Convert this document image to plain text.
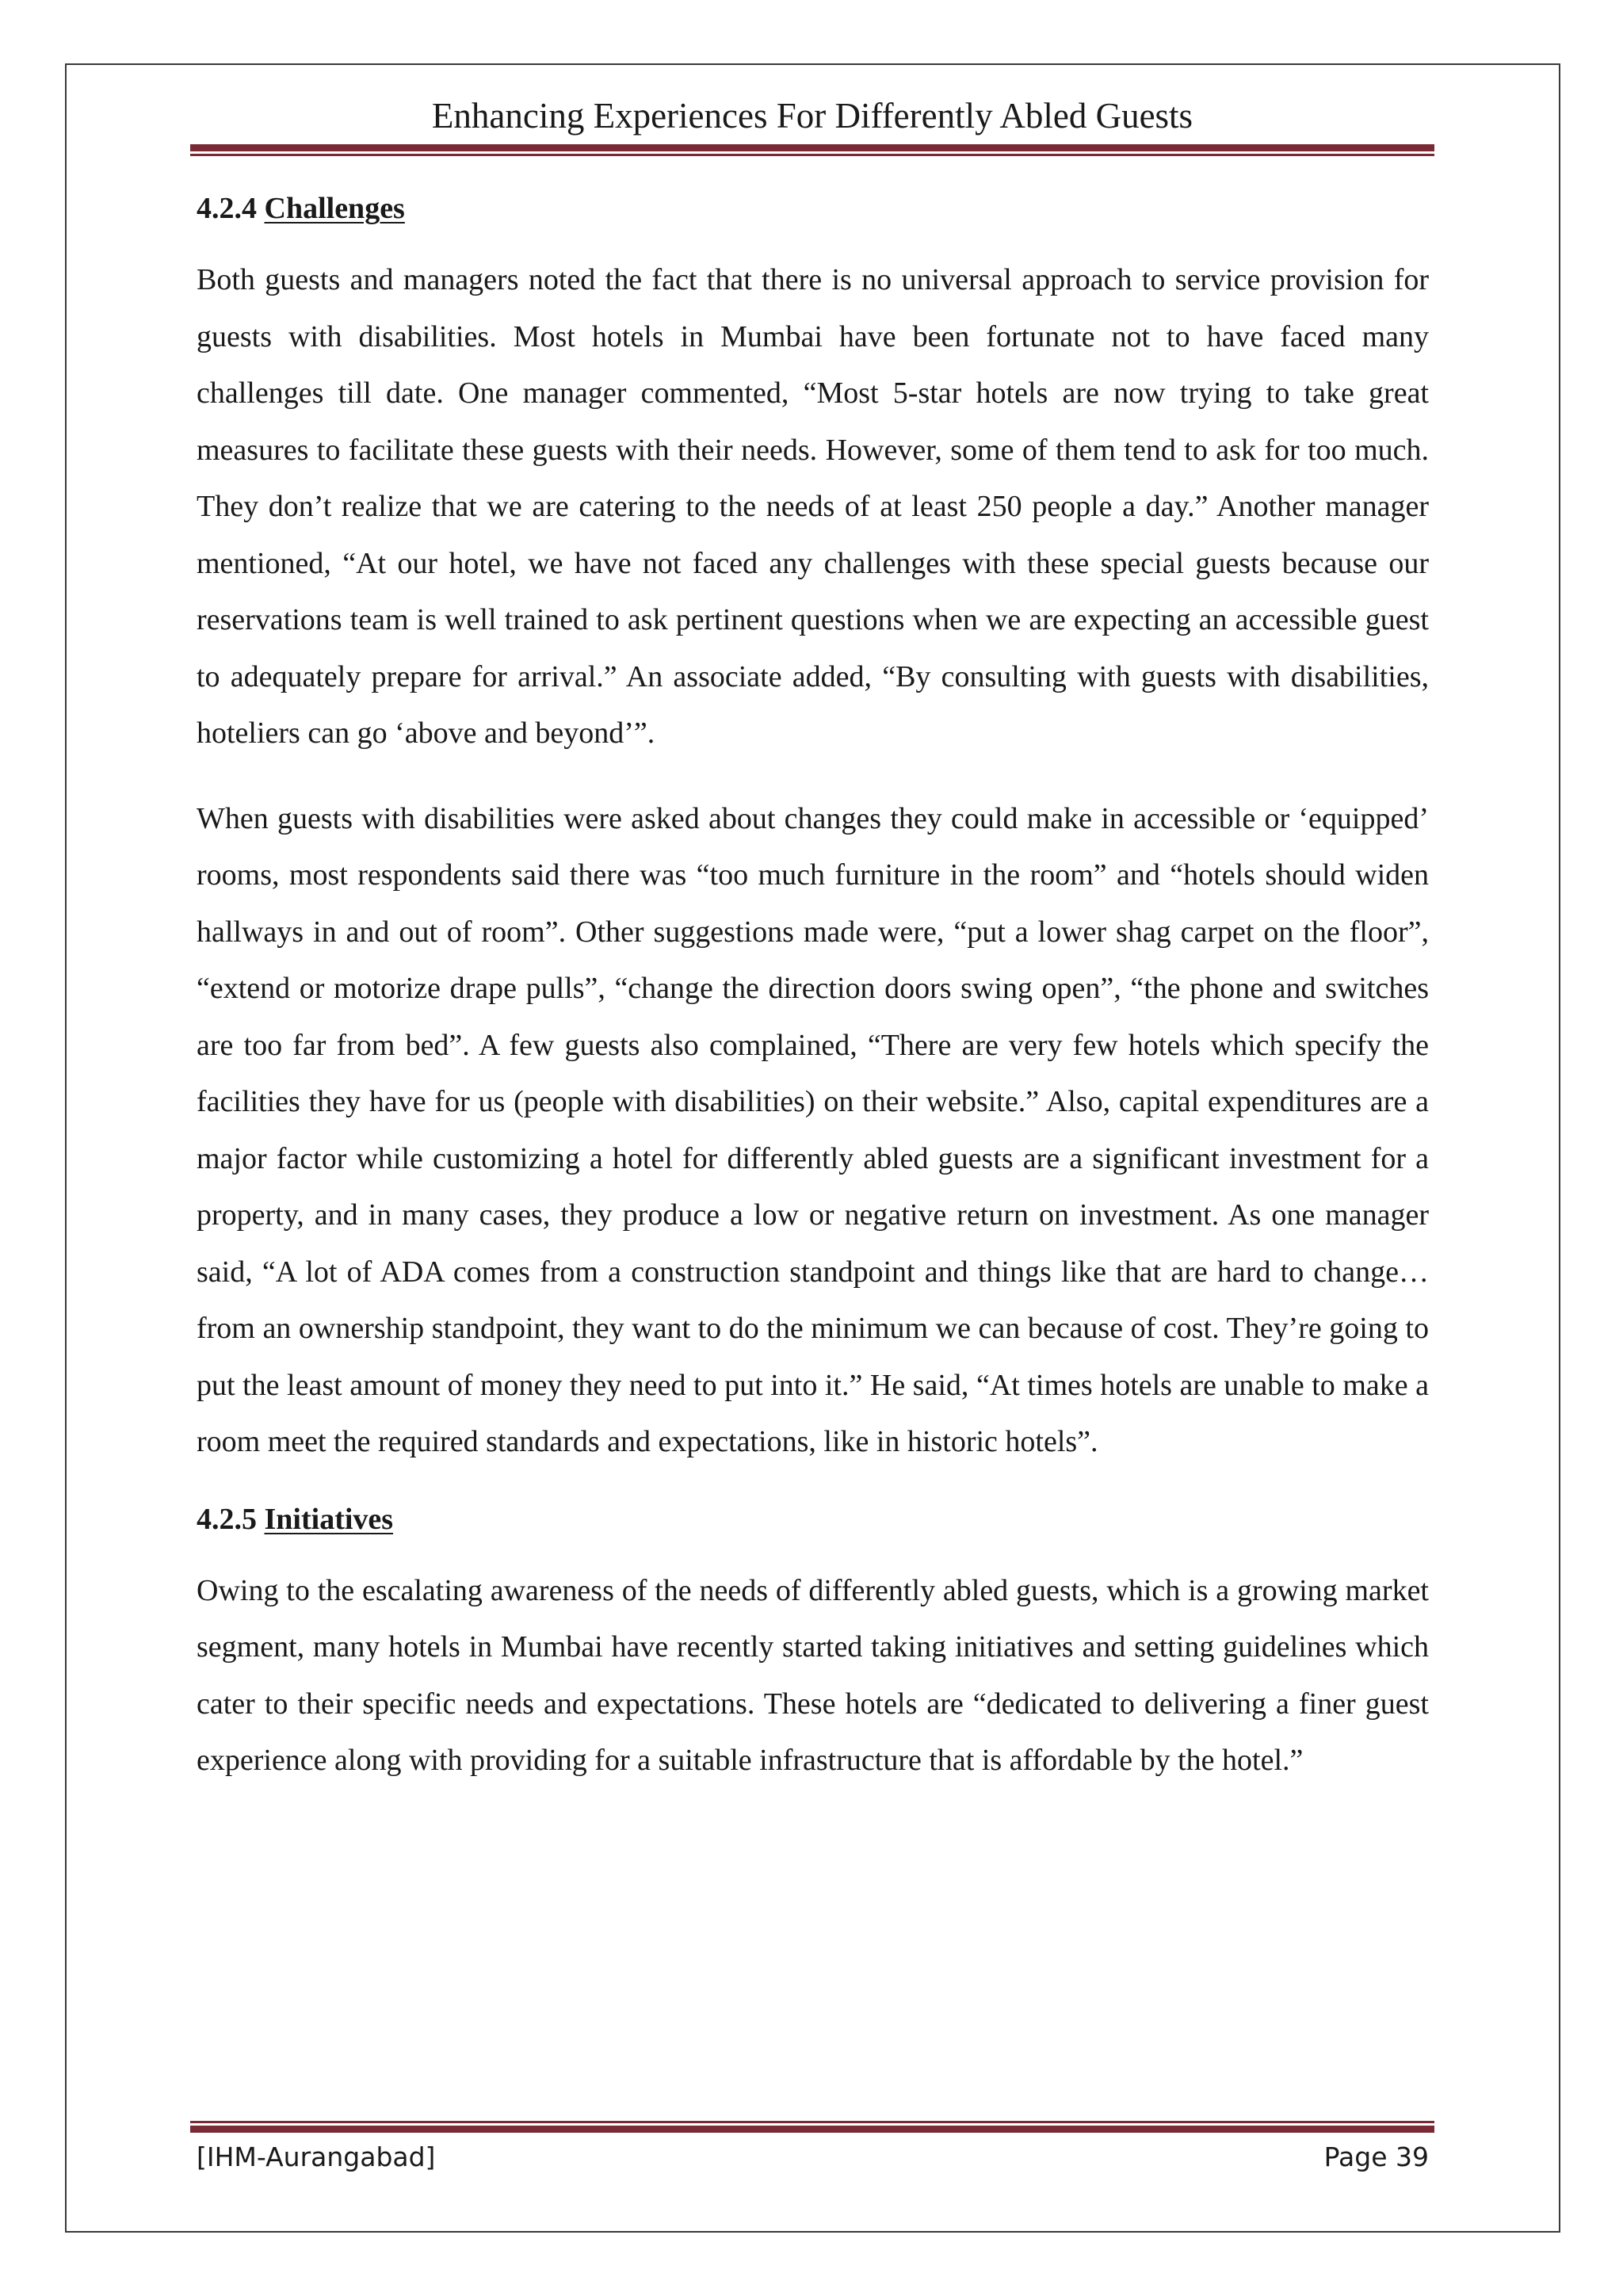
Enhancing Experiences For Differently Abled Guests
4.2.4 Challenges

Both guests and managers noted the fact that there is no universal approach to service provision for guests with disabilities. Most hotels in Mumbai have been fortunate not to have faced many challenges till date. One manager commented, “Most 5-star hotels are now trying to take great measures to facilitate these guests with their needs. However, some of them tend to ask for too much. They don’t realize that we are catering to the needs of at least 250 people a day.” Another manager mentioned, “At our hotel, we have not faced any challenges with these special guests because our reservations team is well trained to ask pertinent questions when we are expecting an accessible guest to adequately prepare for arrival.” An associate added, “By consulting with guests with disabilities, hoteliers can go ‘above and beyond’”.

When guests with disabilities were asked about changes they could make in accessible or ‘equipped’ rooms, most respondents said there was “too much furniture in the room” and “hotels should widen hallways in and out of room”. Other suggestions made were, “put a lower shag carpet on the floor”, “extend or motorize drape pulls”, “change the direction doors swing open”, “the phone and switches are too far from bed”. A few guests also complained, “There are very few hotels which specify the facilities they have for us (people with disabilities) on their website.” Also, capital expenditures are a major factor while customizing a hotel for differently abled guests are a significant investment for a property, and in many cases, they produce a low or negative return on investment. As one manager said, “A lot of ADA comes from a construction standpoint and things like that are hard to change…from an ownership standpoint, they want to do the minimum we can because of cost. They’re going to put the least amount of money they need to put into it.” He said, “At times hotels are unable to make a room meet the required standards and expectations, like in historic hotels”.

4.2.5 Initiatives

Owing to the escalating awareness of the needs of differently abled guests, which is a growing market segment, many hotels in Mumbai have recently started taking initiatives and setting guidelines which cater to their specific needs and expectations. These hotels are “dedicated to delivering a finer guest experience along with providing for a suitable infrastructure that is affordable by the hotel.”

[IHM-Aurangabad]	Page 39
